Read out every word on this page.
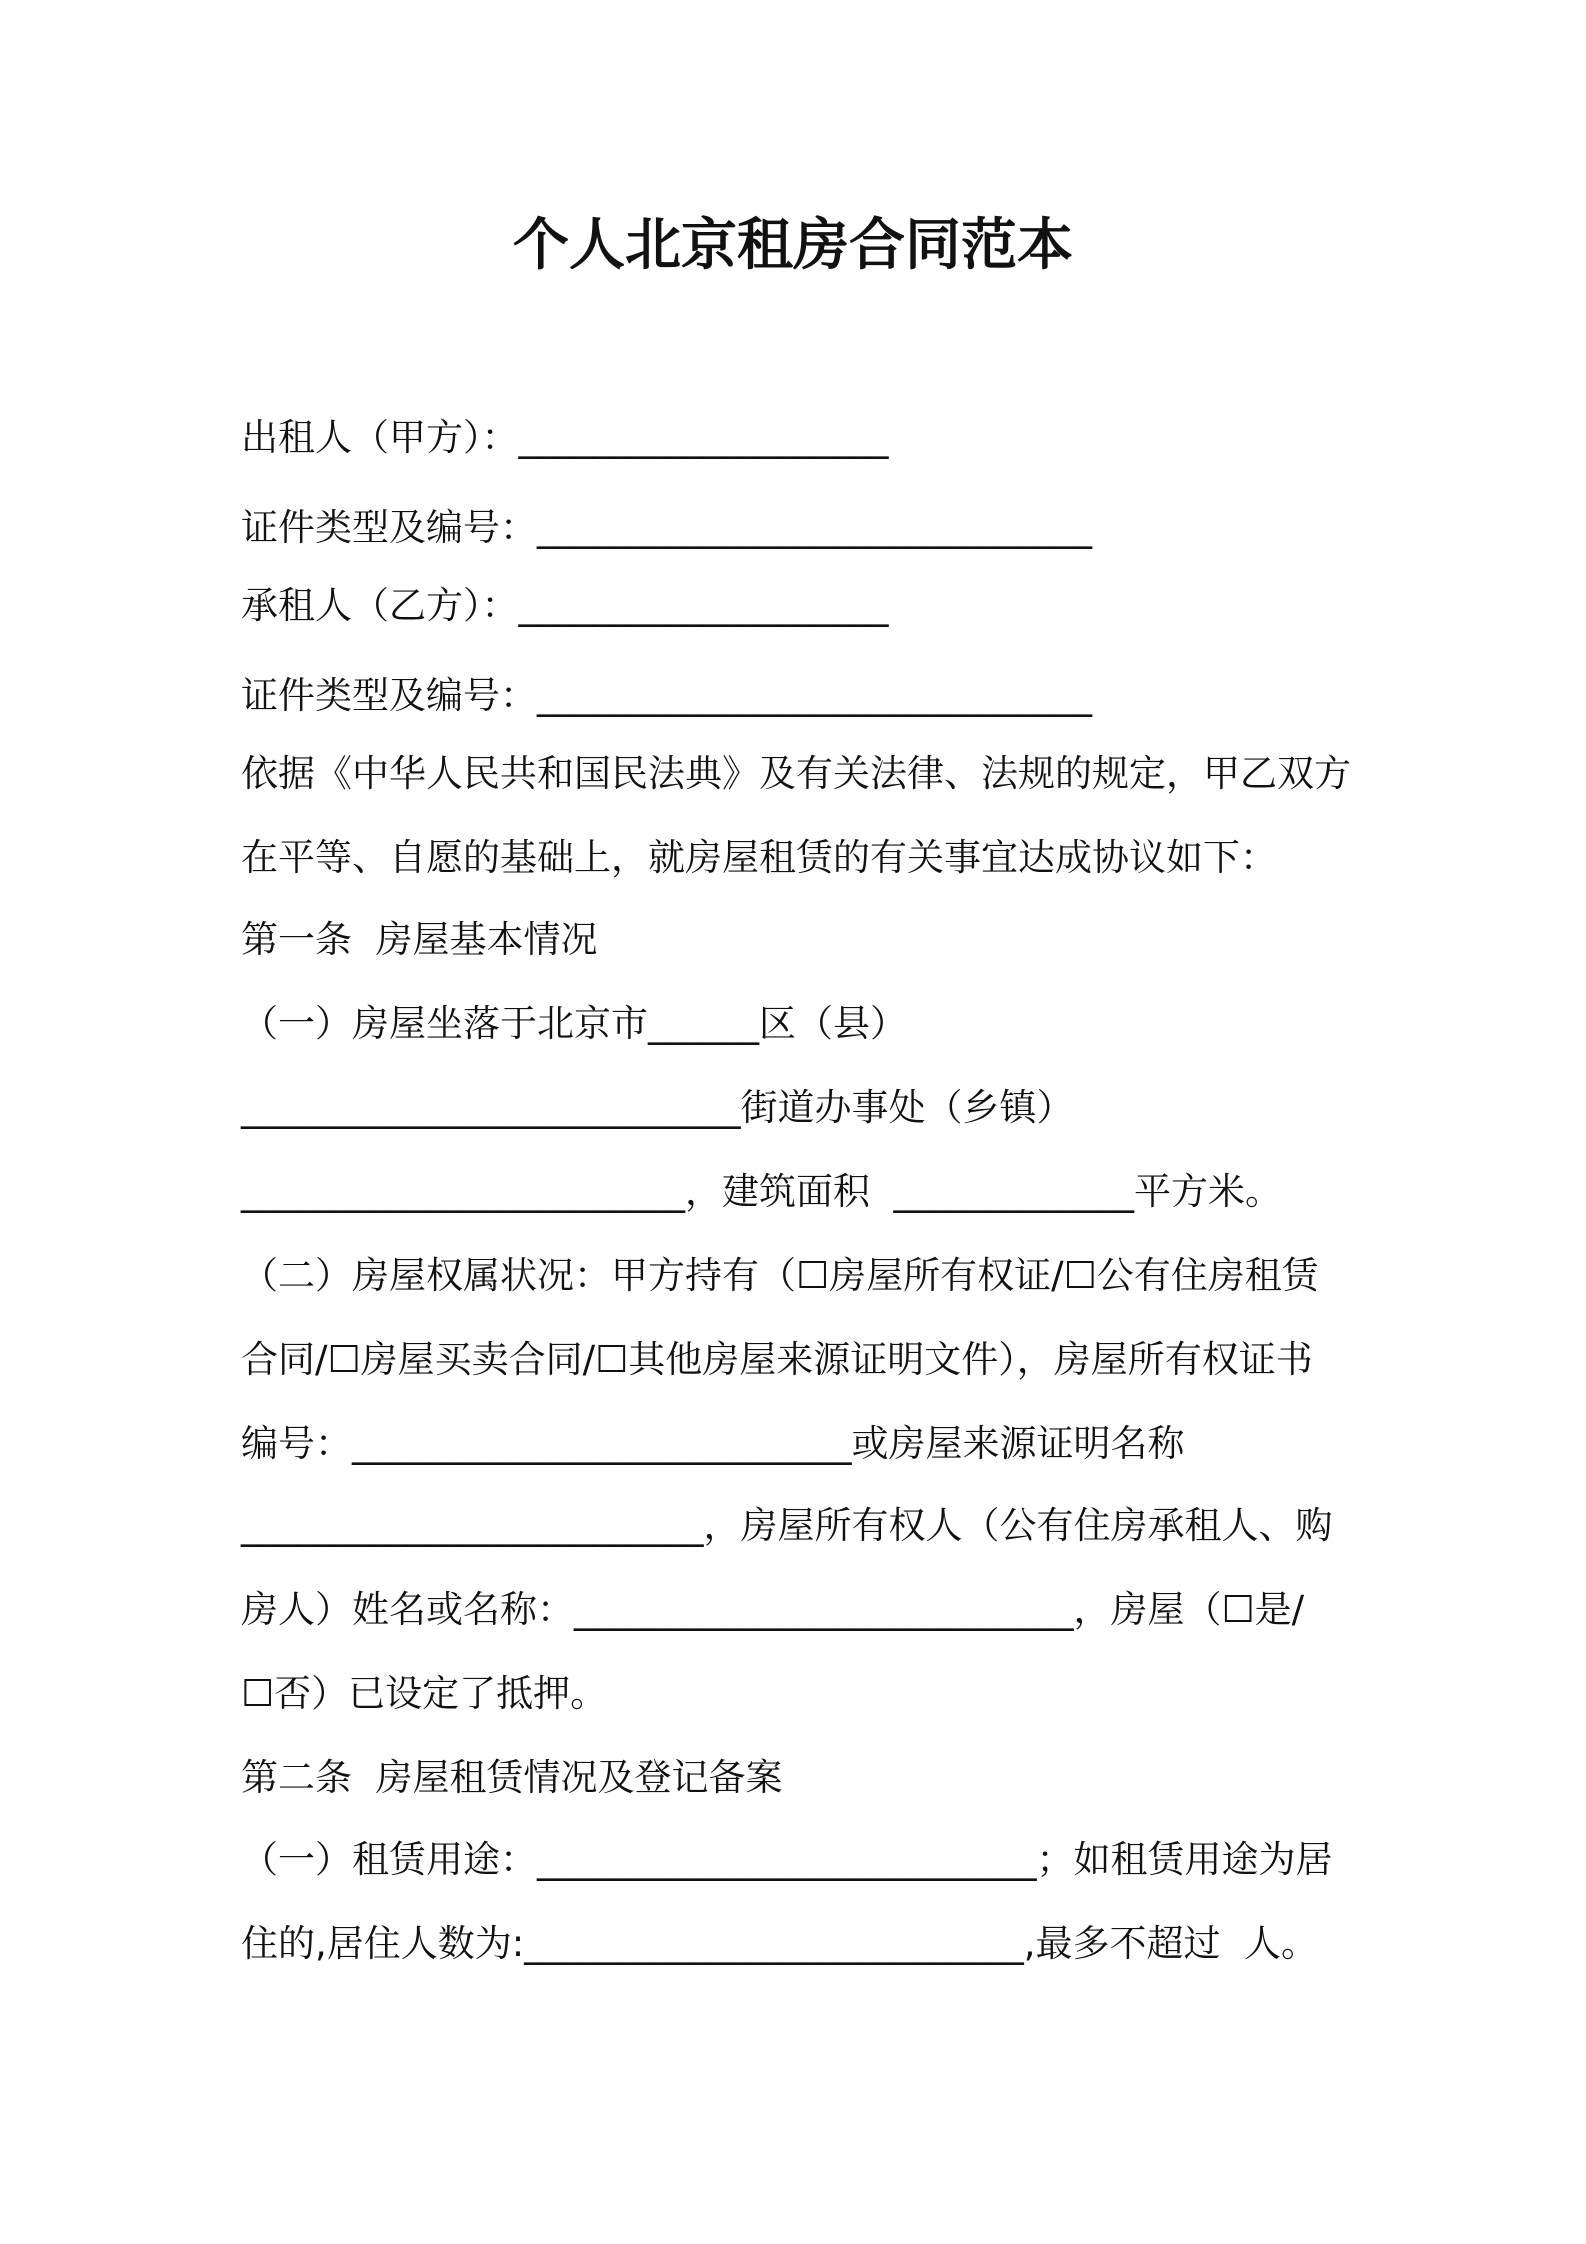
个人北京租房合同范本

出租人（甲方）：____________________

证件类型及编号：______________________________

承租人（乙方）：____________________

证件类型及编号：______________________________

依据《中华人民共和国民法典》及有关法律、法规的规定，甲乙双方

在平等、自愿的基础上，就房屋租赁的有关事宜达成协议如下：

第一条  房屋基本情况

（一）房屋坐落于北京市______区（县）

___________________________街道办事处（乡镇）

________________________，建筑面积  _____________平方米。

（二）房屋权属状况：甲方持有（☐房屋所有权证/☐公有住房租赁

合同/☐房屋买卖合同/☐其他房屋来源证明文件），房屋所有权证书

编号：___________________________或房屋来源证明名称

_________________________，房屋所有权人（公有住房承租人、购

房人）姓名或名称：___________________________，房屋（☐是/

☐否）已设定了抵押。

第二条  房屋租赁情况及登记备案

（一）租赁用途：___________________________；如租赁用途为居

住的,居住人数为:___________________________,最多不超过  人。
